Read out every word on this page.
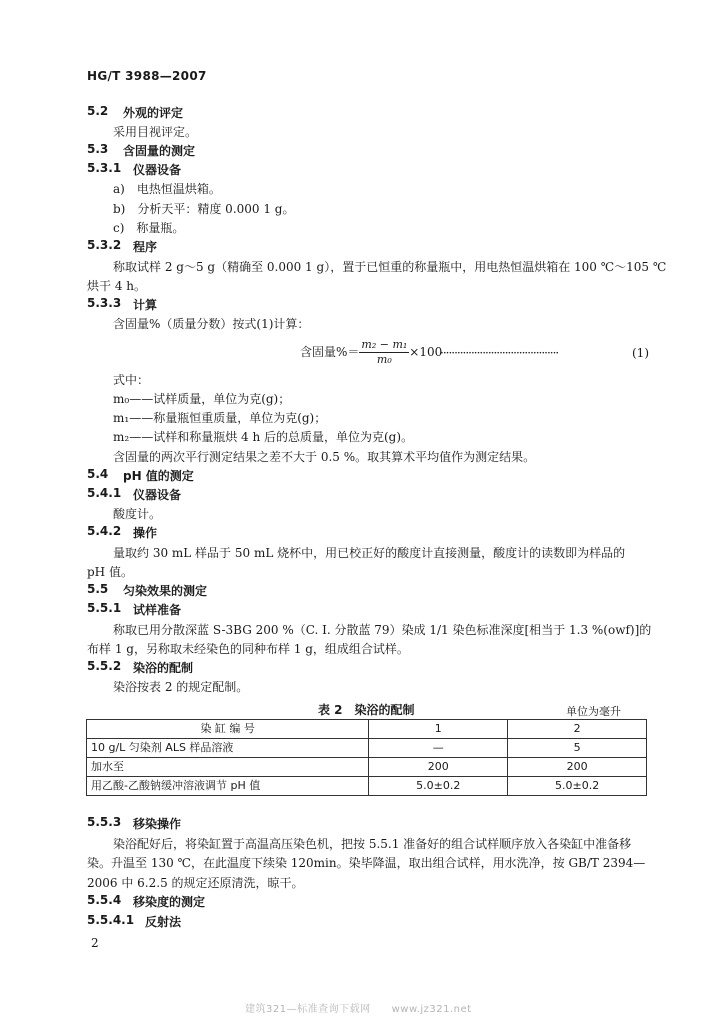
HG/T 3988—2007
5.2 外观的评定
采用目视评定。
5.3 含固量的测定
5.3.1 仪器设备
a)　电热恒温烘箱。
b)　分析天平：精度 0.000 1 g。
c)　称量瓶。
5.3.2 程序
称取试样 2 g～5 g（精确至 0.000 1 g），置于已恒重的称量瓶中，用电热恒温烘箱在 100 ℃～105 ℃
烘干 4 h。
5.3.3 计算
含固量%（质量分数）按式(1)计算：
含固量%＝ $\frac{\text{m₂ − m₁}}{\text{m₀}} \times 100$
··········································	(1)
式中：
m₀——试样质量，单位为克(g)；
m₁——称量瓶恒重质量，单位为克(g)；
m₂——试样和称量瓶烘 4 h 后的总质量，单位为克(g)。
含固量的两次平行测定结果之差不大于 0.5 %。取其算术平均值作为测定结果。
5.4 pH 值的测定
5.4.1 仪器设备
酸度计。
5.4.2 操作
量取约 30 mL 样品于 50 mL 烧杯中，用已校正好的酸度计直接测量，酸度计的读数即为样品的
pH 值。
5.5 匀染效果的测定
5.5.1 试样准备
称取已用分散深蓝 S-3BG 200 %（C. I. 分散蓝 79）染成 1/1 染色标准深度[相当于 1.3 %(owf)]的
布样 1 g，另称取未经染色的同种布样 1 g，组成组合试样。
5.5.2 染浴的配制
染浴按表 2 的规定配制。
表 2　染浴的配制	单位为毫升
染 缸 编 号	1	2
10 g/L 匀染剂 ALS 样品溶液	—	5
加水至	200	200
用乙酸-乙酸钠缓冲溶液调节 pH 值	5.0±0.2	5.0±0.2
5.5.3 移染操作
染浴配好后，将染缸置于高温高压染色机，把按 5.5.1 准备好的组合试样顺序放入各染缸中准备移
染。升温至 130 ℃，在此温度下续染 120min。染毕降温，取出组合试样，用水洗净，按 GB/T 2394—
2006 中 6.2.5 的规定还原清洗，晾干。
5.5.4 移染度的测定
5.5.4.1 反射法
2
建筑321—标准查询下载网　　www.jz321.net
